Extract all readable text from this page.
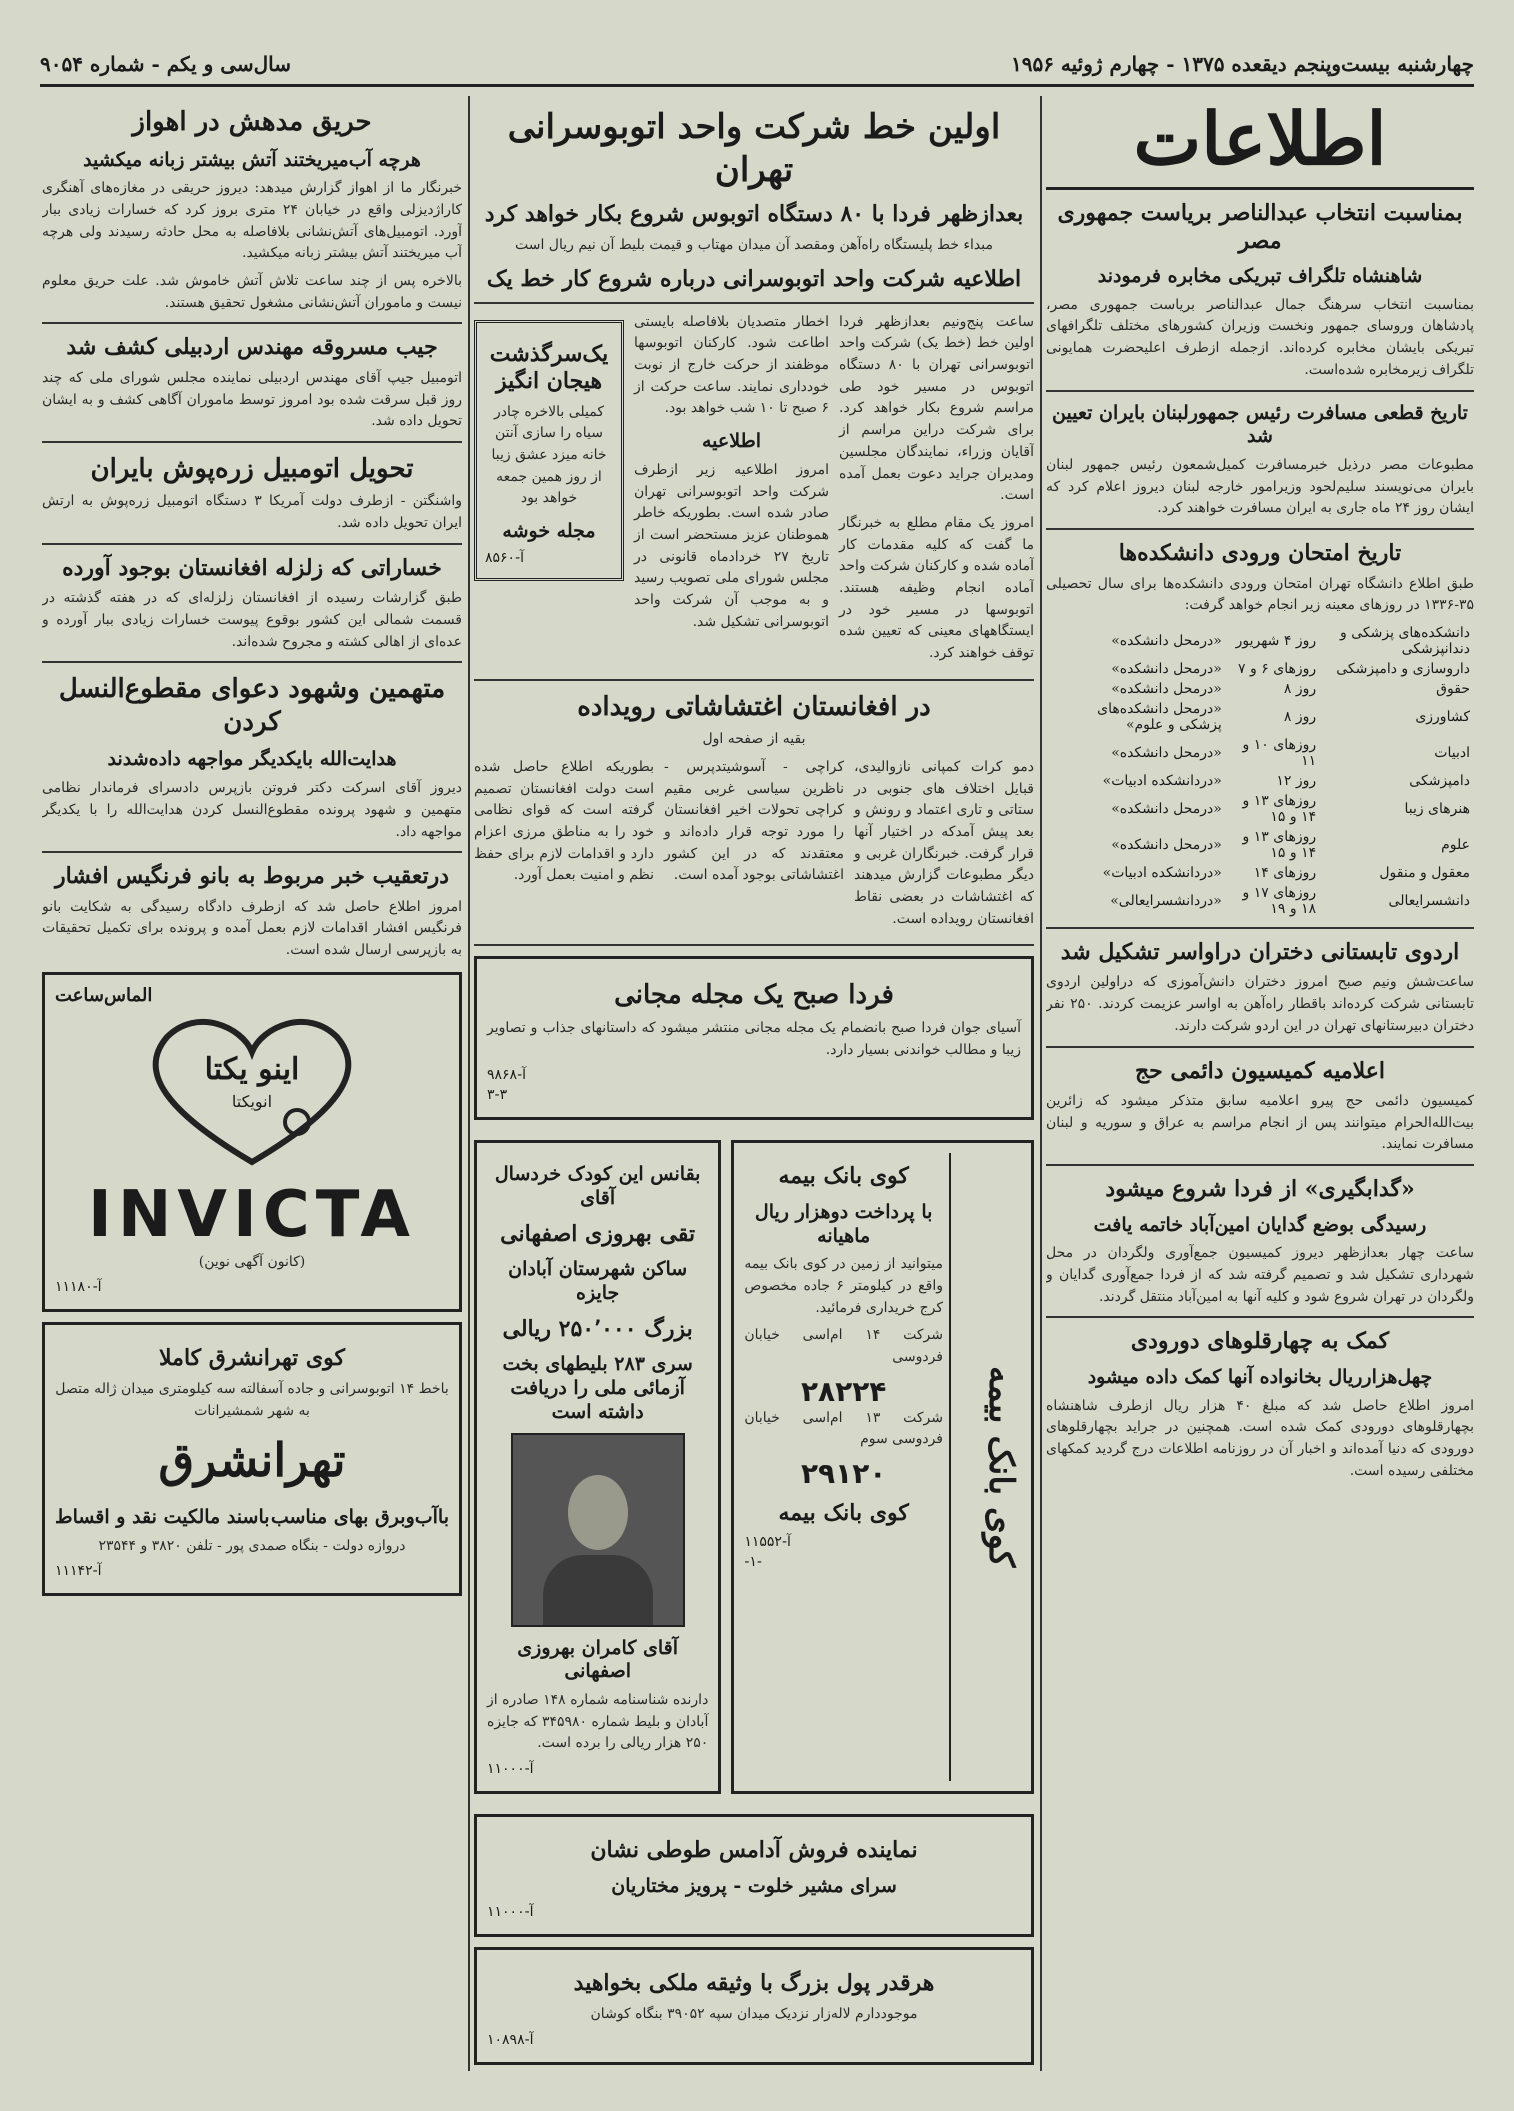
چهارشنبه بیست‌وپنجم دیقعده ۱۳۷۵ - چهارم ژوئیه ۱۹۵۶
سال‌سی و یکم - شماره ۹۰۵۴
اطلاعات
بمناسبت انتخاب عبدالناصر بریاست جمهوری مصر
شاهنشاه تلگراف تبریکی مخابره فرمودند

بمناسبت انتخاب سرهنگ جمال عبدالناصر بریاست جمهوری مصر، پادشاهان وروسای جمهور ونخست وزیران کشورهای مختلف تلگرافهای تبریکی بایشان مخابره کرده‌اند. ازجمله ازطرف اعلیحضرت همایونی تلگراف زیرمخابره شده‌است.

تاریخ قطعی مسافرت رئیس جمهورلبنان بایران تعیین شد

مطبوعات مصر درذیل خبرمسافرت کمیل‌شمعون رئیس جمهور لبنان بایران می‌نویسند سلیم‌لحود وزیرامور خارجه لبنان دیروز اعلام کرد که ایشان روز ۲۴ ماه جاری به ایران مسافرت خواهند کرد.

تاریخ امتحان ورودی دانشکده‌ها

طبق اطلاع دانشگاه تهران امتحان ورودی دانشکده‌ها برای سال تحصیلی ۳۵-۱۳۳۶ در روزهای معینه زیر انجام خواهد گرفت:

دانشکده‌های پزشکی و دندانپزشکی	روز ۴ شهریور	«درمحل دانشکده»
داروسازی و دامپزشکی	روزهای ۶ و ۷	«درمحل دانشکده»
حقوق	روز ۸	«درمحل دانشکده»
کشاورزی	روز ۸	«درمحل دانشکده‌های پزشکی و علوم»
ادبیات	روزهای ۱۰ و ۱۱	«درمحل دانشکده»
دامپزشکی	روز ۱۲	«دردانشکده ادبیات»
هنرهای زیبا	روزهای ۱۳ و ۱۴ و ۱۵	«درمحل دانشکده»
علوم	روزهای ۱۳ و ۱۴ و ۱۵	«درمحل دانشکده»
معقول و منقول	روزهای ۱۴	«دردانشکده ادبیات»
دانشسرایعالی	روزهای ۱۷ و ۱۸ و ۱۹	«دردانشسرایعالی»
اردوی تابستانی دختران دراواسر تشکیل شد

ساعت‌شش ونیم صبح امروز دختران دانش‌آموزی که دراولین اردوی تابستانی شرکت کرده‌اند باقطار راه‌آهن به اواسر عزیمت کردند. ۲۵۰ نفر دختران دبیرستانهای تهران در این اردو شرکت دارند.

اعلامیه کمیسیون دائمی حج

کمیسیون دائمی حج پیرو اعلامیه سابق متذکر میشود که زائرین بیت‌الله‌الحرام میتوانند پس از انجام مراسم به عراق و سوریه و لبنان مسافرت نمایند.

«گدابگیری» از فردا شروع میشود
رسیدگی بوضع گدایان امین‌آباد خاتمه یافت

ساعت چهار بعدازظهر دیروز کمیسیون جمع‌آوری ولگردان در محل شهرداری تشکیل شد و تصمیم گرفته شد که از فردا جمع‌آوری گدایان و ولگردان در تهران شروع شود و کلیه آنها به امین‌آباد منتقل گردند.

کمک به چهارقلوهای دورودی
چهل‌هزارریال بخانواده آنها کمک داده میشود

امروز اطلاع حاصل شد که مبلغ ۴۰ هزار ریال ازطرف شاهنشاه بچهارقلوهای دورودی کمک شده است. همچنین در جراید بچهارقلوهای دورودی که دنیا آمده‌اند و اخبار آن در روزنامه اطلاعات درج گردید کمکهای مختلفی رسیده است.

اولین خط شرکت واحد اتوبوسرانی تهران
بعدازظهر فردا با ۸۰ دستگاه اتوبوس شروع بکار خواهد کرد

مبداء خط پلیستگاه راه‌آهن ومقصد آن میدان مهتاب و قیمت بلیط آن نیم ریال است

اطلاعیه شرکت واحد اتوبوسرانی درباره شروع کار خط یک

ساعت پنج‌ونیم بعدازظهر فردا اولین خط (خط یک) شرکت واحد اتوبوسرانی تهران با ۸۰ دستگاه اتوبوس در مسیر خود طی مراسم شروع بکار خواهد کرد. برای شرکت دراین مراسم از آقایان وزراء، نمایندگان مجلسین ومدیران جراید دعوت بعمل آمده است.

امروز یک مقام مطلع به خبرنگار ما گفت که کلیه مقدمات کار آماده شده و کارکنان شرکت واحد آماده انجام وظیفه هستند. اتوبوسها در مسیر خود در ایستگاههای معینی که تعیین شده توقف خواهند کرد.

اخطار متصدیان بلافاصله بایستی اطاعت شود. کارکنان اتوبوسها موظفند از حرکت خارج از نوبت خودداری نمایند. ساعت حرکت از ۶ صبح تا ۱۰ شب خواهد بود.

اطلاعیه

امروز اطلاعیه زیر ازطرف شرکت واحد اتوبوسرانی تهران صادر شده است. بطوریکه خاطر هموطنان عزیز مستحضر است از تاریخ ۲۷ خردادماه قانونی در مجلس شورای ملی تصویب رسید و به موجب آن شرکت واحد اتوبوسرانی تشکیل شد.

یک‌سرگذشت هیجان انگیز

کمیلی بالاخره چادر سیاه را سازی آنتن خانه میزد عشق زیبا از روز همین جمعه خواهد بود

مجله خوشه
آ-۸۵۶۰
در افغانستان اغتشاشاتی رویداده

بقیه از صفحه اول

دمو کرات کمپانی نازوالیدی، قبایل اختلاف های جنوبی در ستاتی و تاری اعتماد و رونش و بعد پیش آمدکه در اختیار آنها قرار گرفت. خبرنگاران غربی و دیگر مطبوعات گزارش میدهند که اغتشاشات در بعضی نقاط افغانستان رویداده است.

کراچی - آسوشیتدپرس - ناظرین سیاسی غربی مقیم کراچی تحولات اخیر افغانستان را مورد توجه قرار داده‌اند و معتقدند که در این کشور اغتشاشاتی بوجود آمده است.

بطوریکه اطلاع حاصل شده است دولت افغانستان تصمیم گرفته است که قوای نظامی خود را به مناطق مرزی اعزام دارد و اقدامات لازم برای حفظ نظم و امنیت بعمل آورد.

فردا صبح یک مجله مجانی

آسیای جوان فردا صبح بانضمام یک مجله مجانی منتشر میشود که داستانهای جذاب و تصاویر زیبا و مطالب خواندنی بسیار دارد.

آ-۹۸۶۸
۳-۳
کوی بانک بیمه
کوی بانک بیمه
با پرداخت دوهزار ریال ماهیانه

میتوانید از زمین در کوی بانک بیمه واقع در کیلومتر ۶ جاده مخصوص کرج خریداری فرمائید.

شرکت ۱۴ ام‌اسی خیابان فردوسی

۲۸۲۲۴

شرکت ۱۳ ام‌اسی خیابان فردوسی سوم

۲۹۱۲۰
کوی بانک بیمه
آ-۱۱۵۵۲
-۱-
بقانس این کودک خردسال آقای
تقی بهروزی اصفهانی
ساکن شهرستان آبادان جایزه
بزرگ ۲۵۰٬۰۰۰ ریالی
سری ۲۸۳ بلیطهای بخت آزمائی ملی را دریافت داشته است
آقای کامران بهروزی اصفهانی

دارنده شناسنامه شماره ۱۴۸ صادره از آبادان و بلیط شماره ۳۴۵۹۸۰ که جایزه ۲۵۰ هزار ریالی را برده است.

آ-۱۱۰۰۰
نماینده فروش آدامس طوطی نشان
سرای مشیر خلوت - پرویز مختاریان
آ-۱۱۰۰۰
هرقدر پول بزرگ با وثیقه ملکی بخواهید

موجوددارم لاله‌زار نزدیک میدان سپه ۳۹۰۵۲ بنگاه کوشان

آ-۱۰۸۹۸
حریق مدهش در اهواز
هرچه آب‌میریختند آتش بیشتر زبانه میکشید

خبرنگار ما از اهواز گزارش میدهد: دیروز حریقی در مغازه‌های آهنگری کاراژدیزلی واقع در خیابان ۲۴ متری بروز کرد که خسارات زیادی ببار آورد. اتومبیل‌های آتش‌نشانی بلافاصله به محل حادثه رسیدند ولی هرچه آب میریختند آتش بیشتر زبانه میکشید.

بالاخره پس از چند ساعت تلاش آتش خاموش شد. علت حریق معلوم نیست و ماموران آتش‌نشانی مشغول تحقیق هستند.

جیب مسروقه مهندس اردبیلی کشف شد

اتومبیل جیپ آقای مهندس اردبیلی نماینده مجلس شورای ملی که چند روز قبل سرقت شده بود امروز توسط ماموران آگاهی کشف و به ایشان تحویل داده شد.

تحویل اتومبیل زره‌پوش بایران

واشنگتن - ازطرف دولت آمریکا ۳ دستگاه اتومبیل زره‌پوش به ارتش ایران تحویل داده شد.

خساراتی که زلزله افغانستان بوجود آورده

طبق گزارشات رسیده از افغانستان زلزله‌ای که در هفته گذشته در قسمت شمالی این کشور بوقوع پیوست خسارات زیادی ببار آورده و عده‌ای از اهالی کشته و مجروح شده‌اند.

متهمین وشهود دعوای مقطوع‌النسل کردن
هدایت‌الله بایکدیگر مواجهه داده‌شدند

دیروز آقای اسرکت دکتر فروتن بازپرس دادسرای فرماندار نظامی متهمین و شهود پرونده مقطوع‌النسل کردن هدایت‌الله را با یکدیگر مواجهه داد.

درتعقیب خبر مربوط به بانو فرنگیس افشار

امروز اطلاع حاصل شد که ازطرف دادگاه رسیدگی به شکایت بانو فرنگیس افشار اقدامات لازم بعمل آمده و پرونده برای تکمیل تحقیقات به بازپرسی ارسال شده است.

الماس‌ساعت
اینو یکتا
انویکتا
INVICTA
(کانون آگهی نوین)
آ-۱۱۱۸۰
کوی تهرانشرق کاملا

باخط ۱۴ اتوبوسرانی و جاده آسفالته سه کیلومتری میدان ژاله متصل به شهر شمشیرانات

تهرانشرق
باآب‌وبرق بهای مناسب
باسند مالکیت نقد و اقساط

دروازه دولت - بنگاه صمدی پور - تلفن ۳۸۲۰ و ۲۳۵۴۴

آ-۱۱۱۴۲
